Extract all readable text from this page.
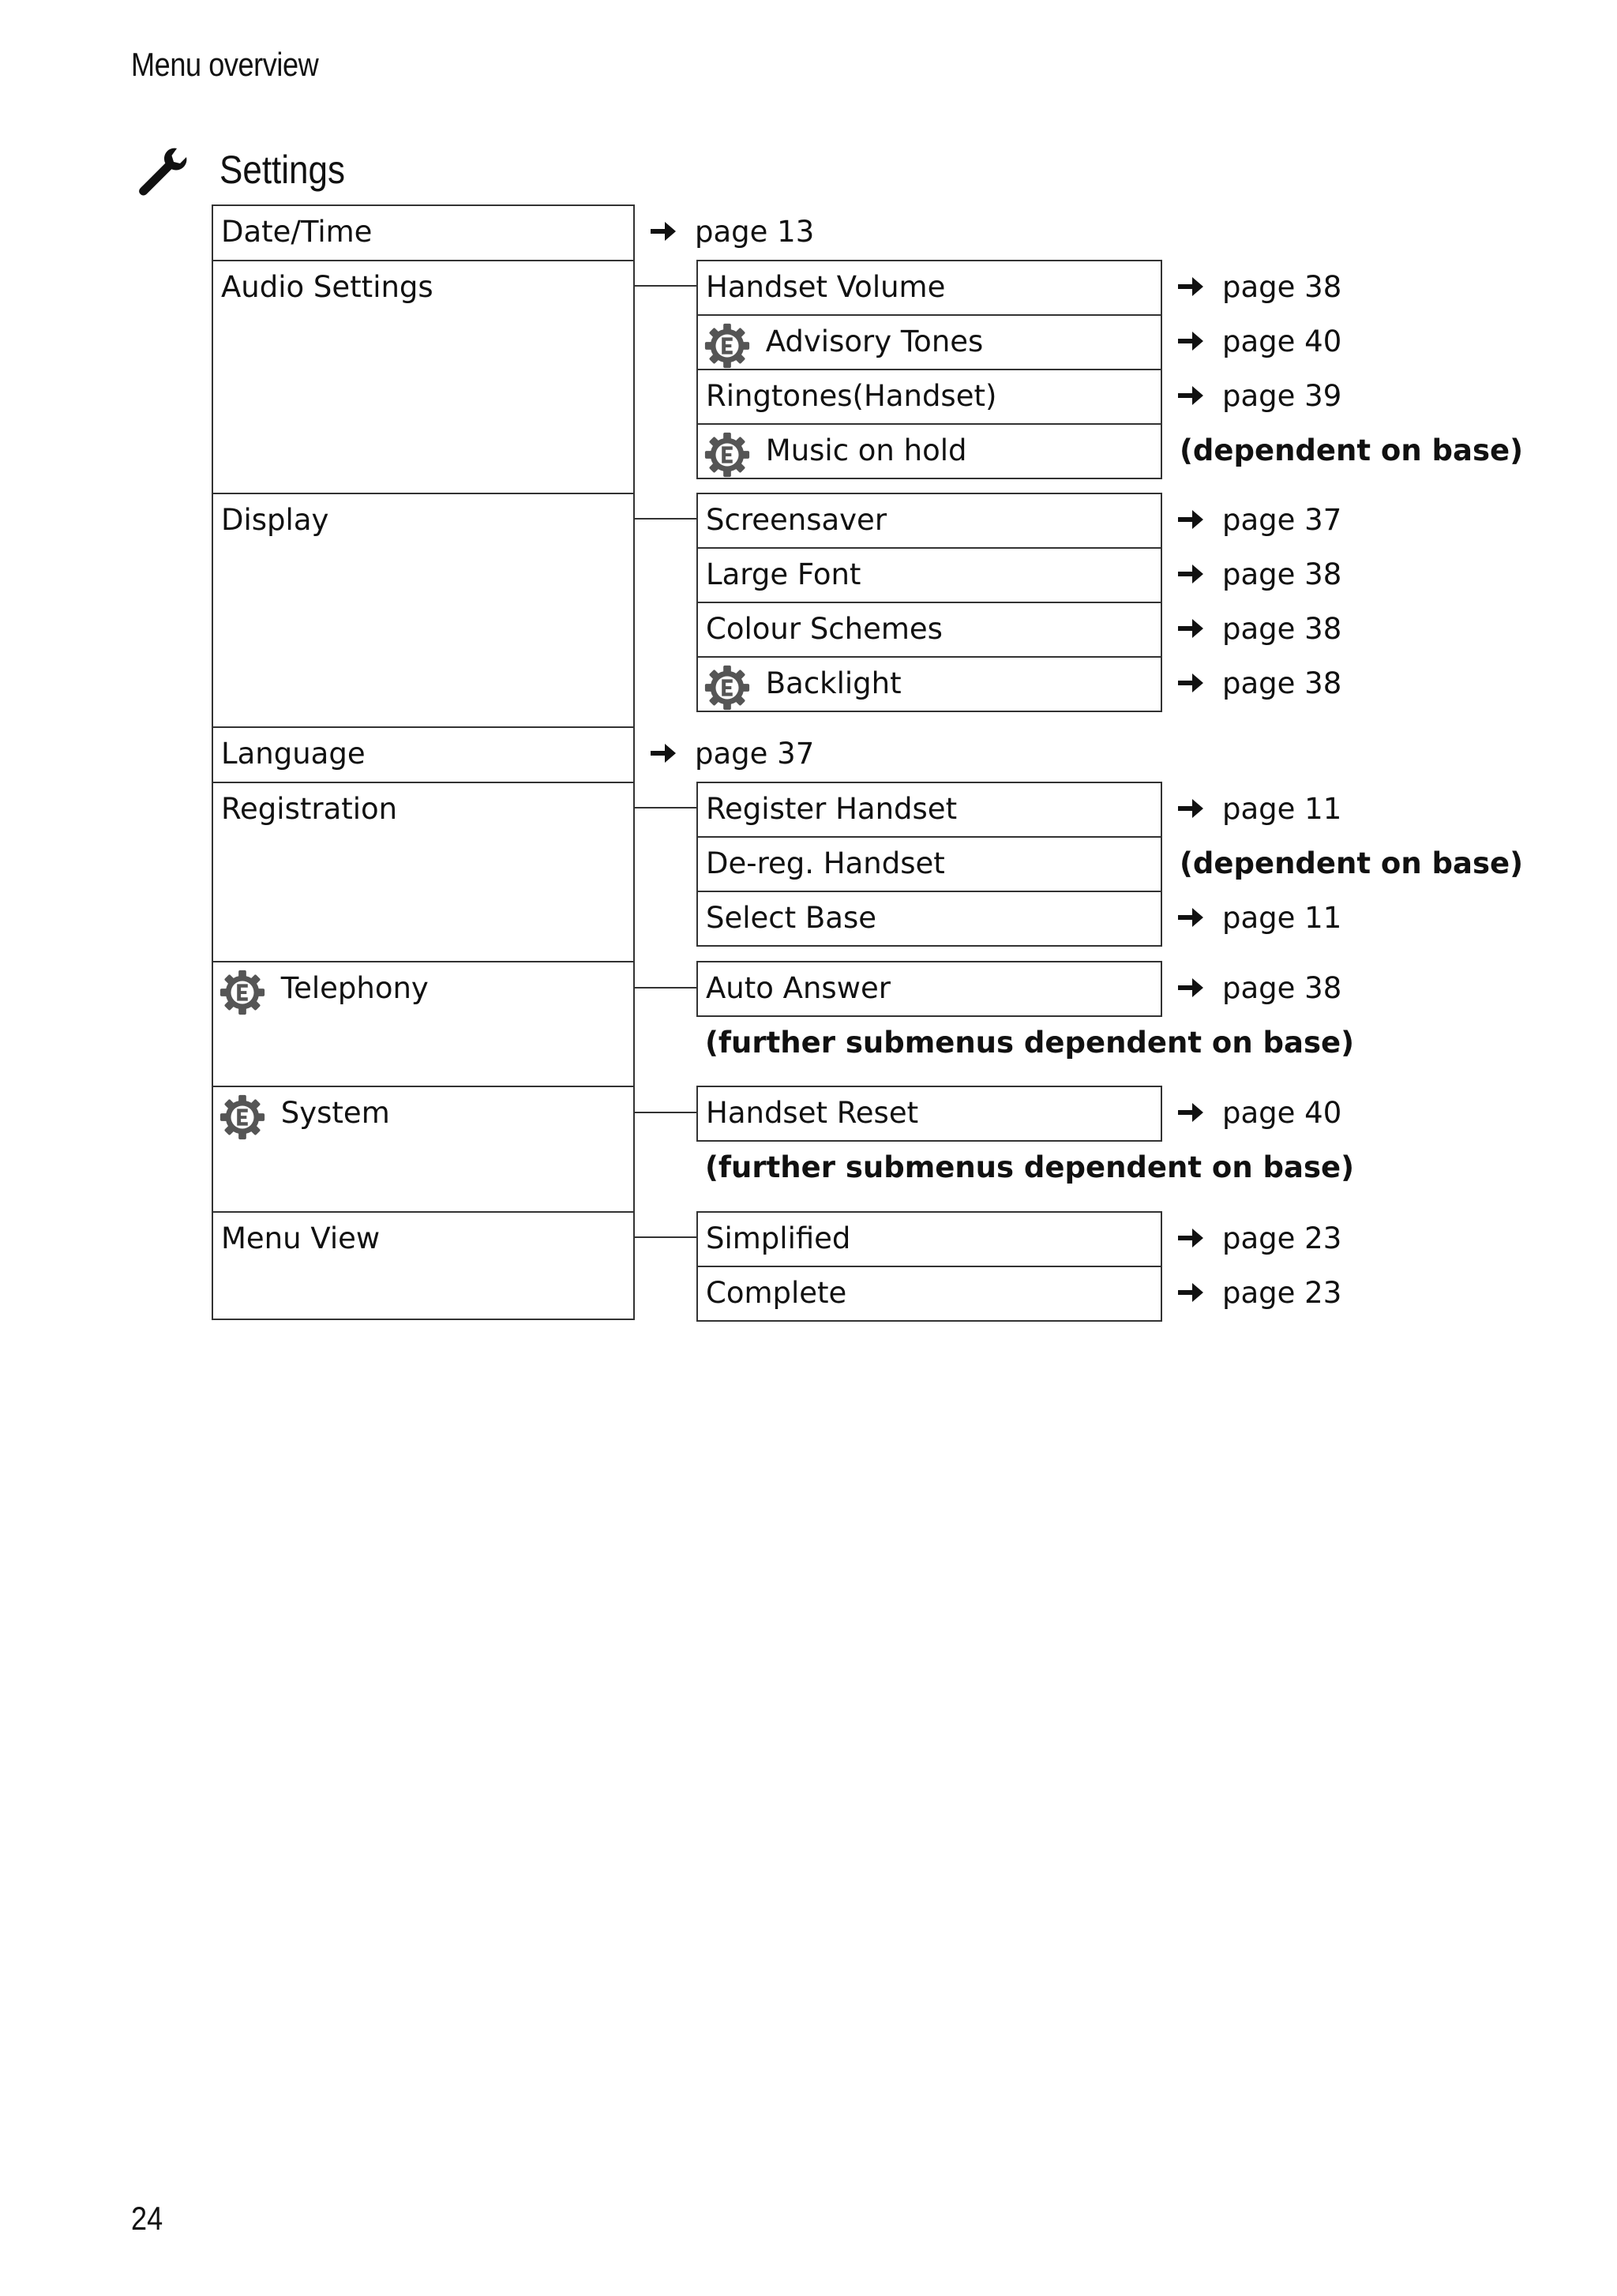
Menu overview
Settings
Date/Time
Audio Settings
Display
Language
Registration
Telephony
System
Menu View
page 13
page 37
Handset Volume
Advisory Tones
Ringtones(Handset)
Music on hold
Screensaver
Large Font
Colour Schemes
Backlight
Register Handset
De-reg. Handset
Select Base
Auto Answer
(further submenus dependent on base)
Handset Reset
(further submenus dependent on base)
Simplified
Complete
page 38
page 40
page 39
(dependent on base)
page 37
page 38
page 38
page 38
page 11
(dependent on base)
page 11
page 38
page 40
page 23
page 23
24
